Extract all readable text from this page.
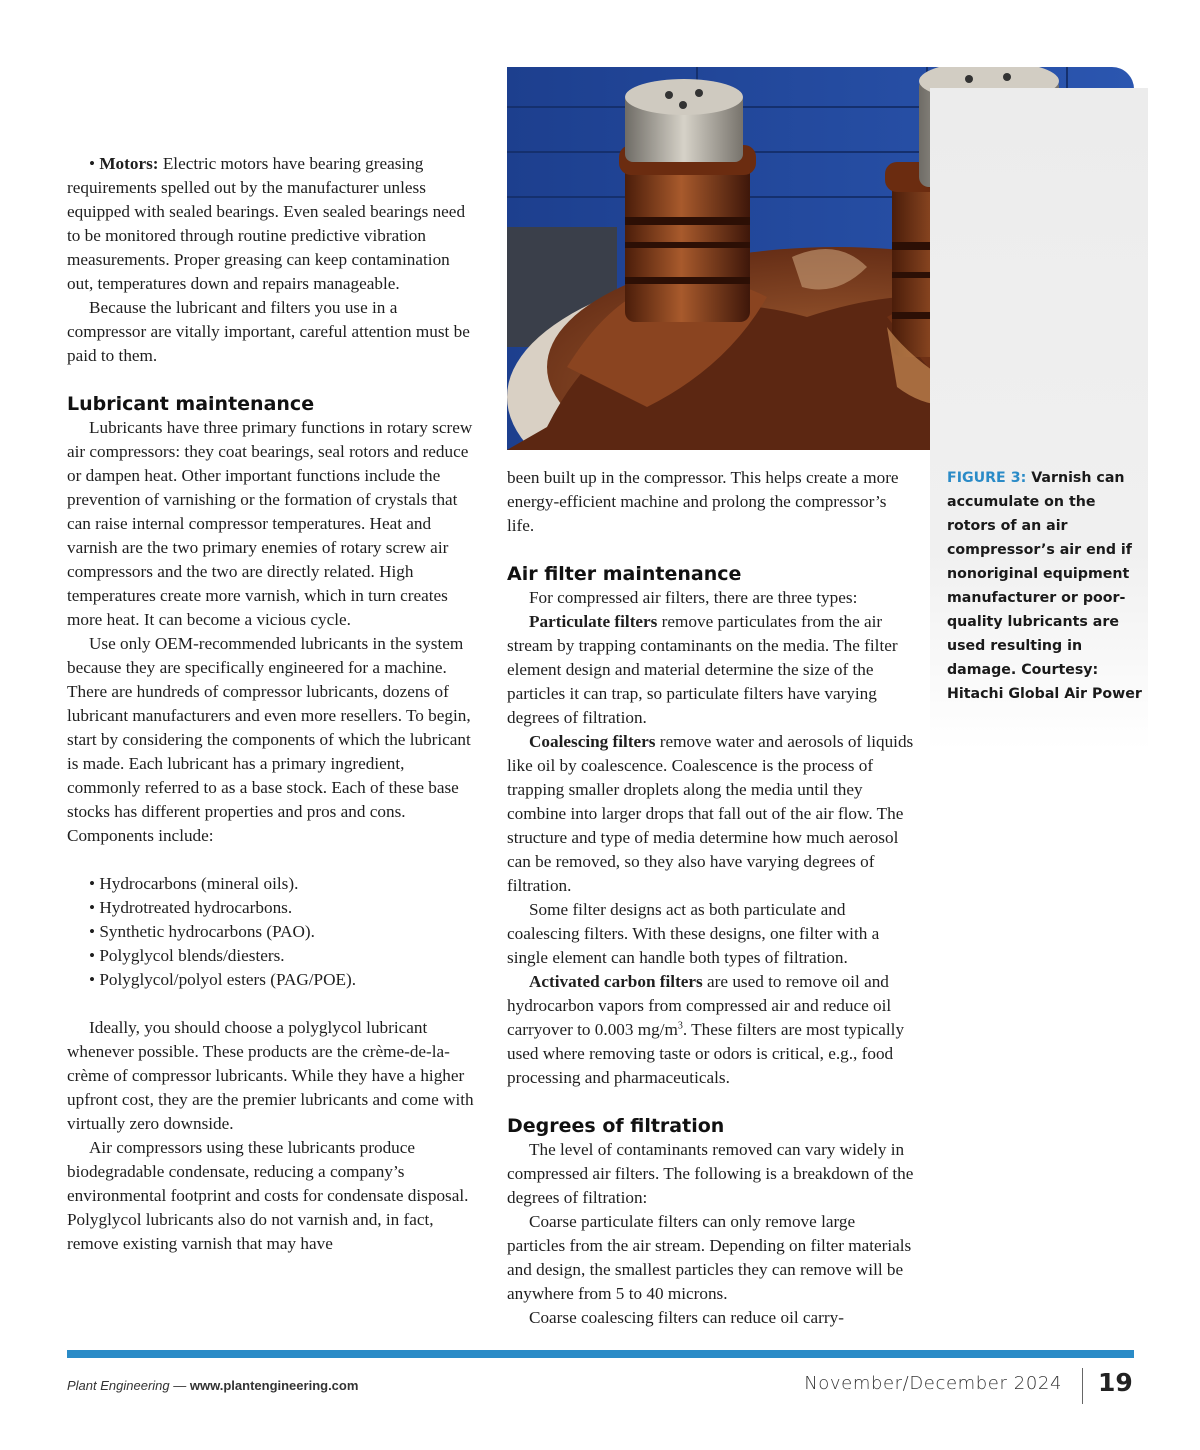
FIGURE 3: Varnish can accumulate on the rotors of an air compressor’s air end if nonoriginal equipment manufacturer or poor-quality lubricants are used resulting in damage. Courtesy: Hitachi Global Air Power

• Motors: Electric motors have bearing greasing requirements spelled out by the manufacturer unless equipped with sealed bearings. Even sealed bearings need to be monitored through routine predictive vibration measurements. Proper greasing can keep contamination out, temperatures down and repairs manageable.

Because the lubricant and filters you use in a compressor are vitally important, careful attention must be paid to them.

Lubricant maintenance

Lubricants have three primary functions in rotary screw air compressors: they coat bearings, seal rotors and reduce or dampen heat. Other important functions include the prevention of varnishing or the formation of crystals that can raise internal compressor temperatures. Heat and varnish are the two primary enemies of rotary screw air compressors and the two are directly related. High temperatures create more varnish, which in turn creates more heat. It can become a vicious cycle.

Use only OEM-recommended lubricants in the system because they are specifically engineered for a machine. There are hundreds of compressor lubricants, dozens of lubricant manufacturers and even more resellers. To begin, start by considering the components of which the lubricant is made. Each lubricant has a primary ingredient, commonly referred to as a base stock. Each of these base stocks has different properties and pros and cons. Components include:

• Hydrocarbons (mineral oils).
• Hydrotreated hydrocarbons.
• Synthetic hydrocarbons (PAO).
• Polyglycol blends/diesters.
• Polyglycol/polyol esters (PAG/POE).

Ideally, you should choose a polyglycol lubricant whenever possible. These products are the crème-de-la-crème of compressor lubricants. While they have a higher upfront cost, they are the premier lubricants and come with virtually zero downside.

Air compressors using these lubricants produce biodegradable condensate, reducing a company’s environmental footprint and costs for condensate disposal. Polyglycol lubricants also do not varnish and, in fact, remove existing varnish that may have

been built up in the compressor. This helps create a more energy-efficient machine and prolong the compressor’s life.

Air filter maintenance

For compressed air filters, there are three types:

Particulate filters remove particulates from the air stream by trapping contaminants on the media. The filter element design and material determine the size of the particles it can trap, so particulate filters have varying degrees of filtration.

Coalescing filters remove water and aerosols of liquids like oil by coalescence. Coalescence is the process of trapping smaller droplets along the media until they combine into larger drops that fall out of the air flow. The structure and type of media determine how much aerosol can be removed, so they also have varying degrees of filtration.

Some filter designs act as both particulate and coalescing filters. With these designs, one filter with a single element can handle both types of filtration.

Activated carbon filters are used to remove oil and hydrocarbon vapors from compressed air and reduce oil carryover to 0.003 $mg/m^3$. These filters are most typically used where removing taste or odors is critical, e.g., food processing and pharmaceuticals.

Degrees of filtration

The level of contaminants removed can vary widely in compressed air filters. The following is a breakdown of the degrees of filtration:

Coarse particulate filters can only remove large particles from the air stream. Depending on filter materials and design, the smallest particles they can remove will be anywhere from 5 to 40 microns.

Coarse coalescing filters can reduce oil carry-

Plant Engineering — www.plantengineering.com	November/December 2024 19
